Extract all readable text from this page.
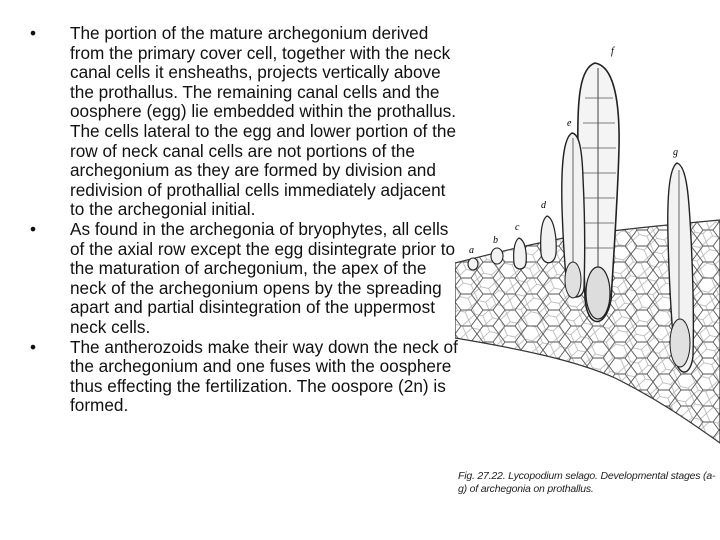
•	The portion of the mature archegonium derived from the primary cover cell, together with the neck canal cells it ensheaths, projects vertically above the prothallus. The remaining canal cells and the oosphere (egg) lie embedded within the prothallus. The cells lateral to the egg and lower portion of the row of neck canal cells are not portions of the archegonium as they are formed by division and redivision of prothallial cells immediately adjacent to the archegonial initial.
•	As found in the archegonia of bryophytes, all cells of the axial row except the egg disintegrate prior to the maturation of archegonium, the apex of the neck of the archegonium opens by the spreading apart and partial disintegration of the uppermost neck cells.
•	The antherozoids make their way down the neck of the archegonium and one fuses with the oosphere thus effecting the fertilization. The oospore (2n) is formed.
a
b
c
d
e
f
g
Fig. 27.22. Lycopodium selago. Developmental stages (a-g) of archegonia on prothallus.
